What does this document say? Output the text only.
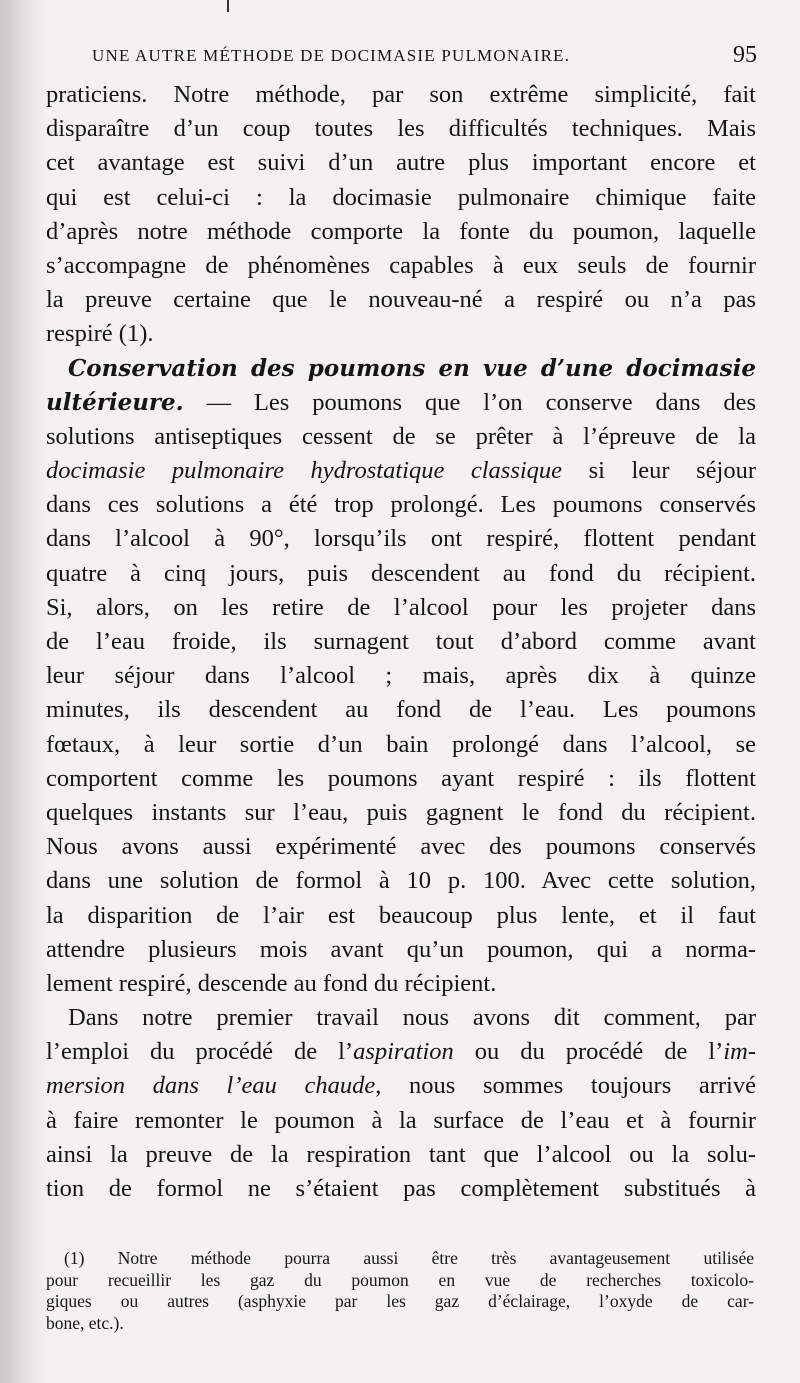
UNE AUTRE MÉTHODE DE DOCIMASIE PULMONAIRE.	95
praticiens. Notre méthode, par son extrême simplicité, fait
disparaître d’un coup toutes les difficultés techniques. Mais
cet avantage est suivi d’un autre plus important encore et
qui est celui-ci : la docimasie pulmonaire chimique faite
d’après notre méthode comporte la fonte du poumon, laquelle
s’accompagne de phénomènes capables à eux seuls de fournir
la preuve certaine que le nouveau-né a respiré ou n’a pas
respiré (1).
Conservation des poumons en vue d’une docimasie
ultérieure. — Les poumons que l’on conserve dans des
solutions antiseptiques cessent de se prêter à l’épreuve de la
docimasie pulmonaire hydrostatique classique si leur séjour
dans ces solutions a été trop prolongé. Les poumons conservés
dans l’alcool à 90°, lorsqu’ils ont respiré, flottent pendant
quatre à cinq jours, puis descendent au fond du récipient.
Si, alors, on les retire de l’alcool pour les projeter dans
de l’eau froide, ils surnagent tout d’abord comme avant
leur séjour dans l’alcool ; mais, après dix à quinze
minutes, ils descendent au fond de l’eau. Les poumons
fœtaux, à leur sortie d’un bain prolongé dans l’alcool, se
comportent comme les poumons ayant respiré : ils flottent
quelques instants sur l’eau, puis gagnent le fond du récipient.
Nous avons aussi expérimenté avec des poumons conservés
dans une solution de formol à 10 p. 100. Avec cette solution,
la disparition de l’air est beaucoup plus lente, et il faut
attendre plusieurs mois avant qu’un poumon, qui a norma-
lement respiré, descende au fond du récipient.
Dans notre premier travail nous avons dit comment, par
l’emploi du procédé de l’aspiration ou du procédé de l’im-
mersion dans l’eau chaude, nous sommes toujours arrivé
à faire remonter le poumon à la surface de l’eau et à fournir
ainsi la preuve de la respiration tant que l’alcool ou la solu-
tion de formol ne s’étaient pas complètement substitués à
(1) Notre méthode pourra aussi être très avantageusement utilisée
pour recueillir les gaz du poumon en vue de recherches toxicolo-
giques ou autres (asphyxie par les gaz d’éclairage, l’oxyde de car-
bone, etc.).
